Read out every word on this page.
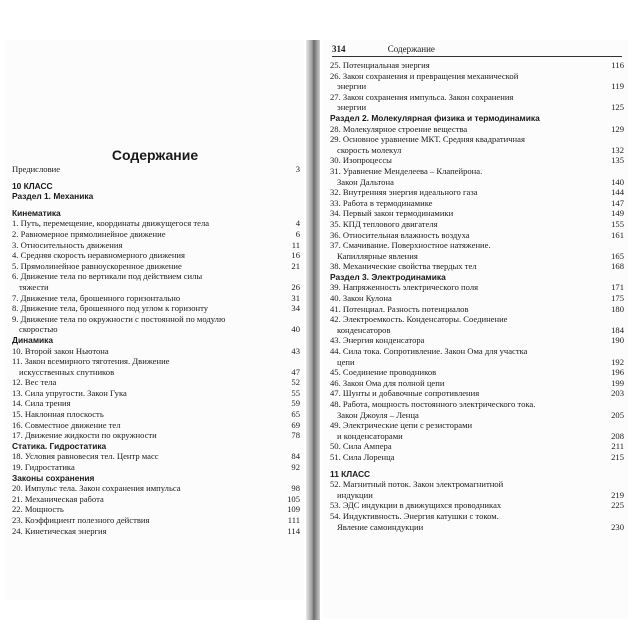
Содержание
Предисловие	3
10 КЛАСС
Раздел 1. Механика
Кинематика
1. Путь, перемещение, координаты движущегося тела	4
2. Равномерное прямолинейное движение	6
3. Относительность движения	11
4. Средняя скорость неравномерного движения	16
5. Прямолинейное равноускоренное движение	21
6. Движение тела по вертикали под действием силы
тяжести	26
7. Движение тела, брошенного горизонтально	31
8. Движение тела, брошенного под углом к горизонту	34
9. Движение тела по окружности с постоянной по модулю
скоростью	40
Динамика
10. Второй закон Ньютона	43
11. Закон всемирного тяготения. Движение
искусственных спутников	47
12. Вес тела	52
13. Сила упругости. Закон Гука	55
14. Сила трения	59
15. Наклонная плоскость	65
16. Совместное движение тел	69
17. Движение жидкости по окружности	78
Статика. Гидростатика
18. Условия равновесия тел. Центр масс	84
19. Гидростатика	92
Законы сохранения
20. Импульс тела. Закон сохранения импульса	98
21. Механическая работа	105
22. Мощность	109
23. Коэффициент полезного действия	111
24. Кинетическая энергия	114
314	Содержание
25. Потенциальная энергия	116
26. Закон сохранения и превращения механической
энергии	119
27. Закон сохранения импульса. Закон сохранения
энергии	125
Раздел 2. Молекулярная физика и термодинамика
28. Молекулярное строение вещества	129
29. Основное уравнение МКТ. Средняя квадратичная
скорость молекул	132
30. Изопроцессы	135
31. Уравнение Менделеева – Клапейрона.
Закон Дальтона	140
32. Внутренняя энергия идеального газа	144
33. Работа в термодинамике	147
34. Первый закон термодинамики	149
35. КПД теплового двигателя	155
36. Относительная влажность воздуха	161
37. Смачивание. Поверхностное натяжение.
Капиллярные явления	165
38. Механические свойства твердых тел	168
Раздел 3. Электродинамика
39. Напряженность электрического поля	171
40. Закон Кулона	175
41. Потенциал. Разность потенциалов	180
42. Электроемкость. Конденсаторы. Соединение
конденсаторов	184
43. Энергия конденсатора	190
44. Сила тока. Сопротивление. Закон Ома для участка
цепи	192
45. Соединение проводников	196
46. Закон Ома для полной цепи	199
47. Шунты и добавочные сопротивления	203
48. Работа, мощность постоянного электрического тока.
Закон Джоуля – Ленца	205
49. Электрические цепи с резисторами
и конденсаторами	208
50. Сила Ампера	211
51. Сила Лоренца	215
11 КЛАСС
52. Магнитный поток. Закон электромагнитной
индукции	219
53. ЭДС индукции в движущихся проводниках	225
54. Индуктивность. Энергия катушки с током.
Явление самоиндукции	230
